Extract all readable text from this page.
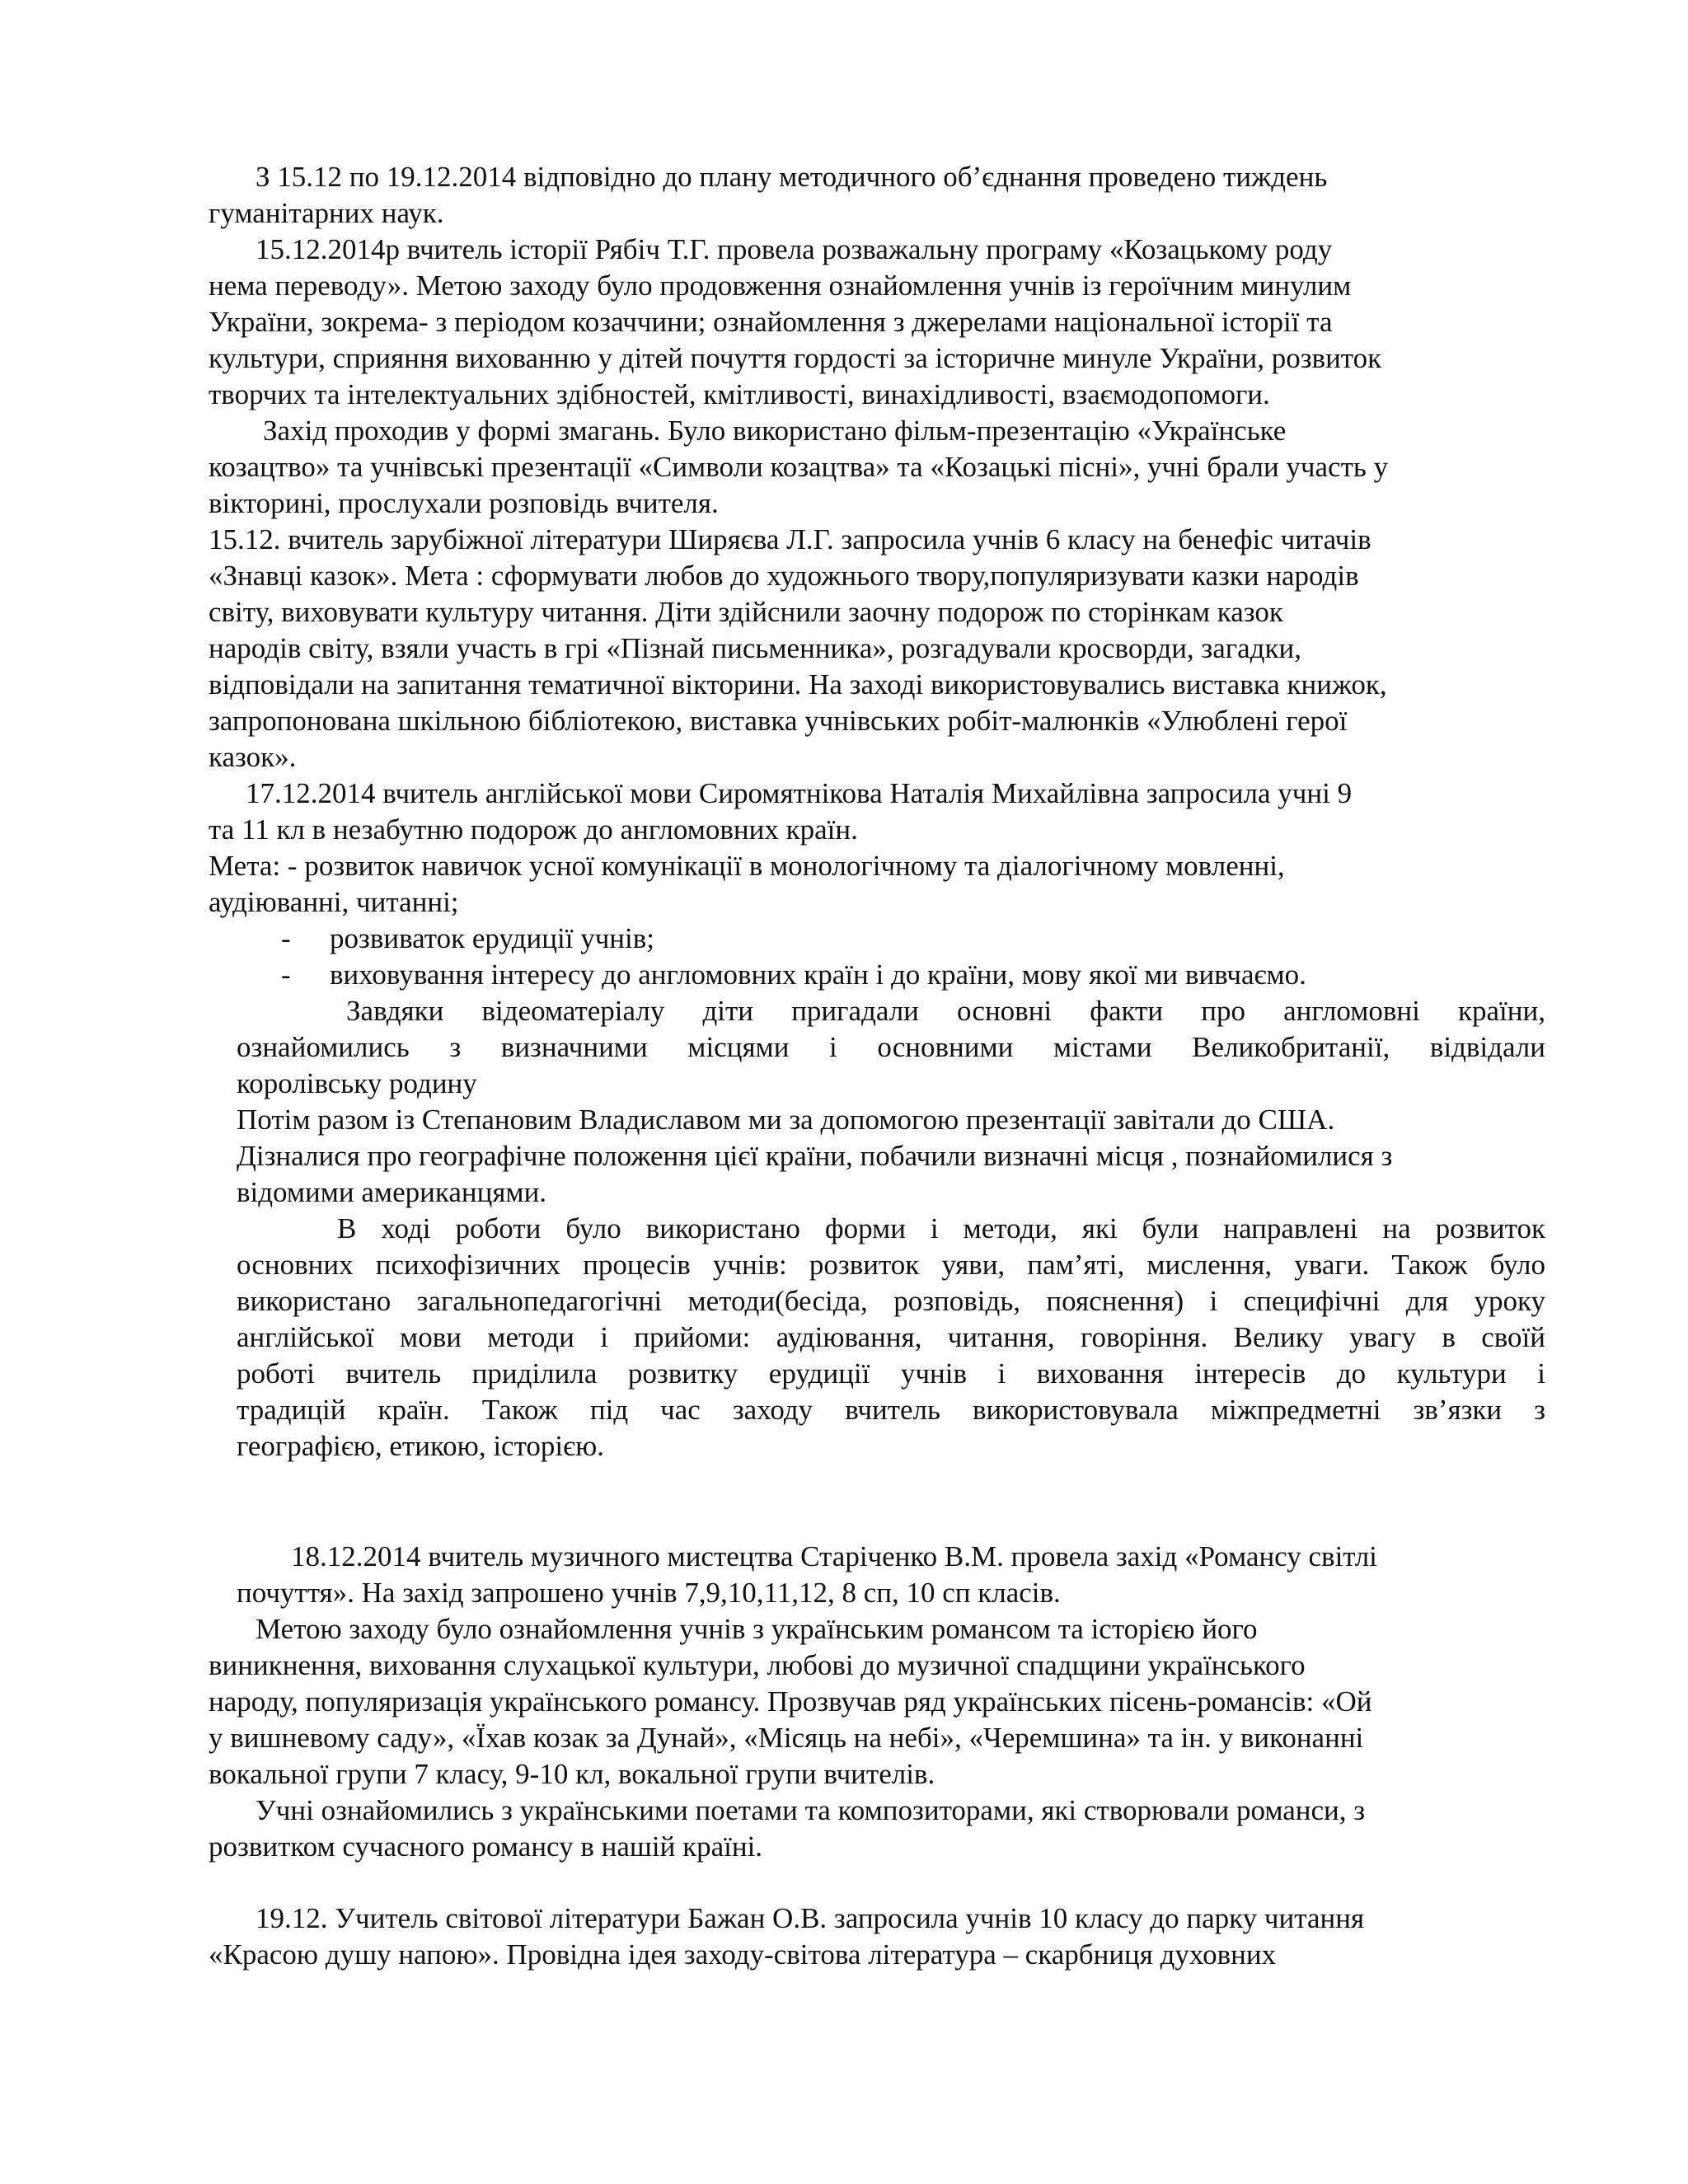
З 15.12 по 19.12.2014 відповідно до плану методичного об’єднання проведено тиждень
гуманітарних наук.
15.12.2014р вчитель історії Рябіч Т.Г. провела розважальну програму «Козацькому роду
нема переводу». Метою заходу було продовження ознайомлення учнів із героїчним минулим
України, зокрема- з періодом козаччини; ознайомлення з джерелами національної історії та
культури, сприяння вихованню у дітей почуття гордості за історичне минуле України, розвиток
творчих та інтелектуальних здібностей, кмітливості, винахідливості, взаємодопомоги.
Захід проходив у формі змагань. Було використано фільм-презентацію «Українське
козацтво» та учнівські презентації «Символи козацтва» та «Козацькі пісні», учні брали участь у
вікторині, прослухали розповідь вчителя.
15.12. вчитель зарубіжної літератури Ширяєва Л.Г. запросила учнів 6 класу на бенефіс читачів
«Знавці казок». Мета : сформувати любов до художнього твору,популяризувати казки народів
світу, виховувати культуру читання. Діти здійснили заочну подорож по сторінкам казок
народів світу, взяли участь в грі «Пізнай письменника», розгадували кросворди, загадки,
відповідали на запитання тематичної вікторини. На заході використовувались виставка книжок,
запропонована шкільною бібліотекою, виставка учнівських робіт-малюнків «Улюблені герої
казок».
17.12.2014 вчитель англійської мови Сиромятнікова Наталія Михайлівна запросила учні 9
та 11 кл в незабутню подорож до англомовних країн.
Мета: - розвиток навичок усної комунікації в монологічному та діалогічному мовленні,
аудіюванні, читанні;
- розвиваток ерудиції учнів;
- виховування інтересу до англомовних країн і до країни, мову якої ми вивчаємо.
Завдяки відеоматеріалу діти пригадали основні факти про англомовні країни,
ознайомились з визначними місцями і основними містами Великобританії, відвідали
королівську родину
Потім разом із Степановим Владиславом ми за допомогою презентації завітали до США.
Дізналися про географічне положення цієї країни, побачили визначні місця , познайомилися з
відомими американцями.
В ході роботи було використано форми і методи, які були направлені на розвиток
основних психофізичних процесів учнів: розвиток уяви, пам’яті, мислення, уваги. Також було
використано загальнопедагогічні методи(бесіда, розповідь, пояснення) і специфічні для уроку
англійської мови методи і прийоми: аудіювання, читання, говоріння. Велику увагу в своїй
роботі вчитель приділила розвитку ерудиції учнів і виховання інтересів до культури і
традицій країн. Також під час заходу вчитель використовувала міжпредметні зв’язки з
географією, етикою, історією.
18.12.2014 вчитель музичного мистецтва Старіченко В.М. провела захід «Романсу світлі
почуття». На захід запрошено учнів 7,9,10,11,12, 8 сп, 10 сп класів.
Метою заходу було ознайомлення учнів з українським романсом та історією його
виникнення, виховання слухацької культури, любові до музичної спадщини українського
народу, популяризація українського романсу. Прозвучав ряд українських пісень-романсів: «Ой
у вишневому саду», «Їхав козак за Дунай», «Місяць на небі», «Черемшина» та ін. у виконанні
вокальної групи 7 класу, 9-10 кл, вокальної групи вчителів.
Учні ознайомились з українськими поетами та композиторами, які створювали романси, з
розвитком сучасного романсу в нашій країні.
19.12. Учитель світової літератури Бажан О.В. запросила учнів 10 класу до парку читання
«Красою душу напою». Провідна ідея заходу-світова література – скарбниця духовних
